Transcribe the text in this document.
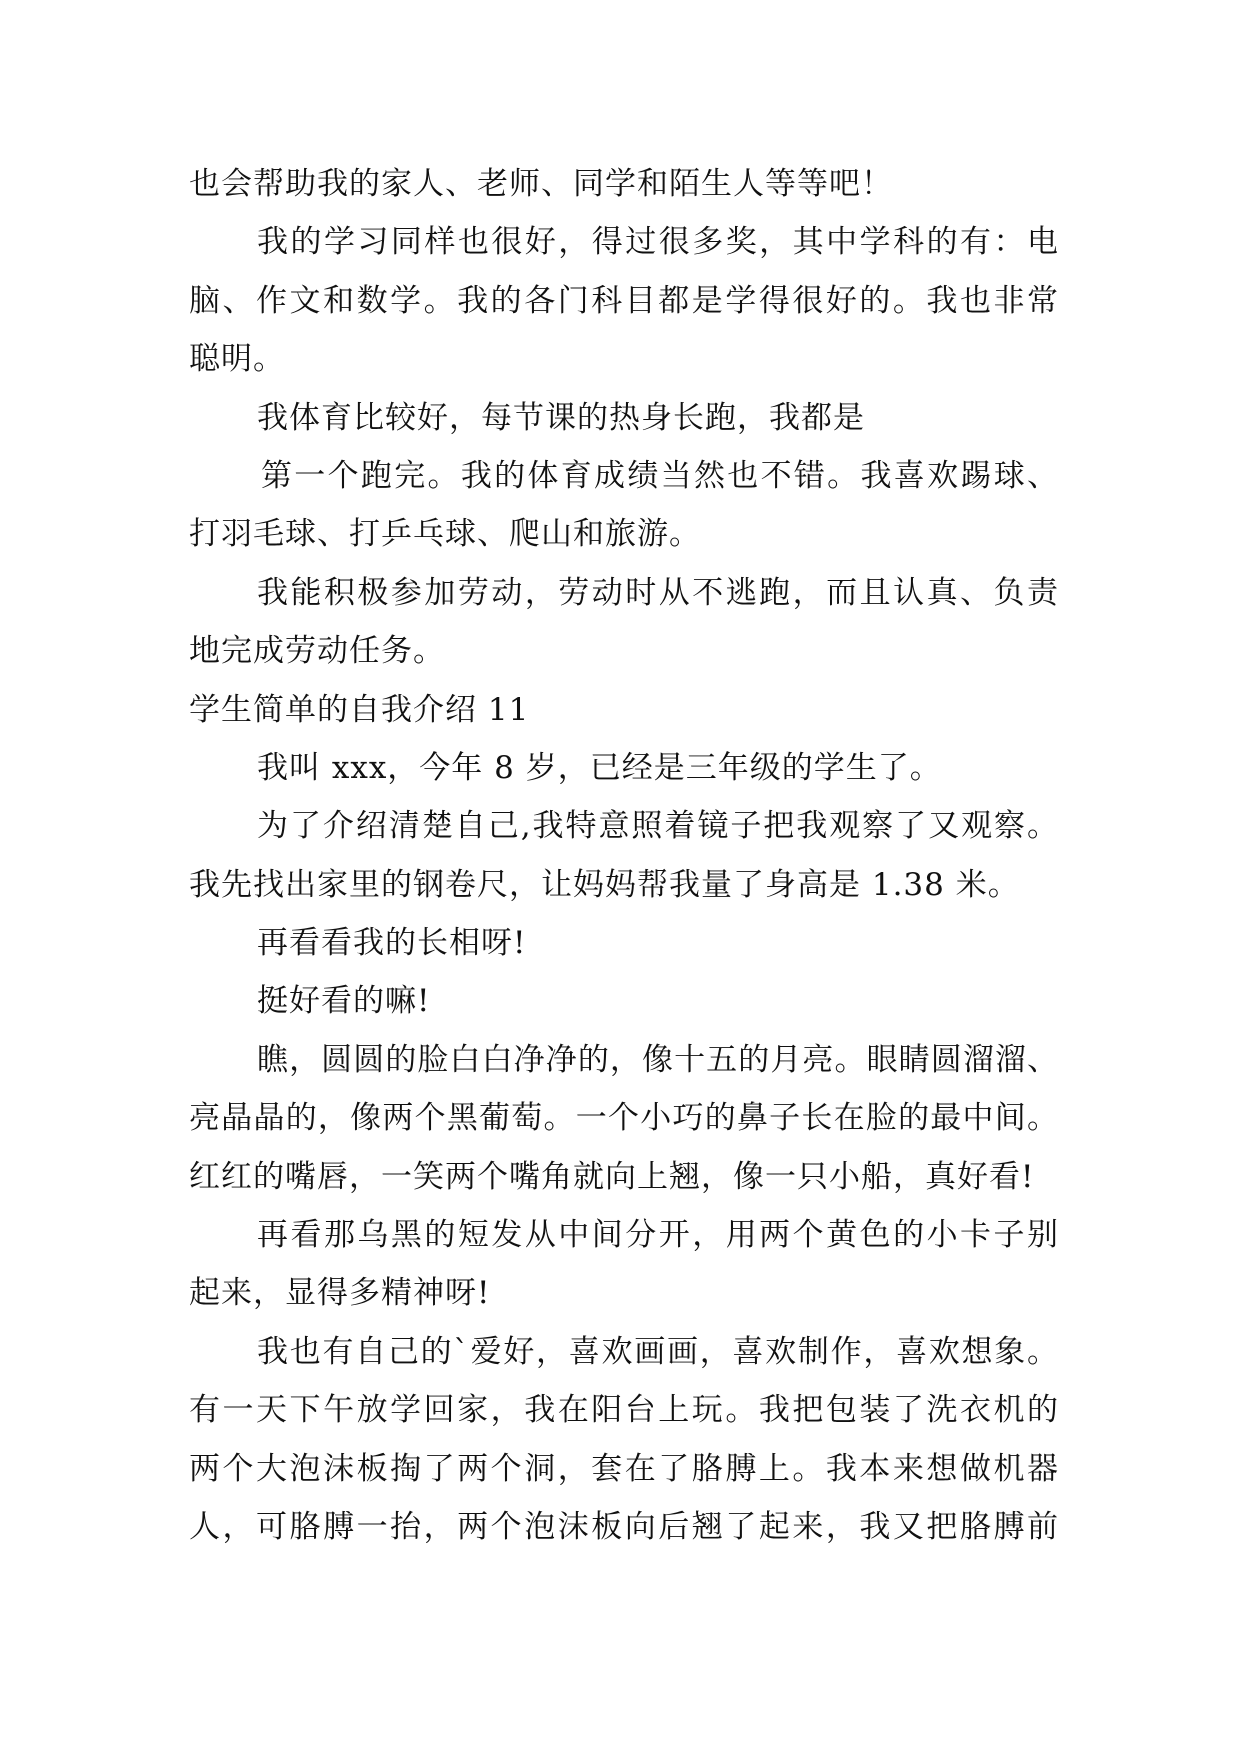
也会帮助我的家人、老师、同学和陌生人等等吧！
我的学习同样也很好，得过很多奖，其中学科的有：电
脑、作文和数学。我的各门科目都是学得很好的。我也非常
聪明。
我体育比较好，每节课的热身长跑，我都是
第一个跑完。我的体育成绩当然也不错。我喜欢踢球、
打羽毛球、打乒乓球、爬山和旅游。
我能积极参加劳动，劳动时从不逃跑，而且认真、负责
地完成劳动任务。
学生简单的自我介绍 11
我叫 xxx，今年 8 岁，已经是三年级的学生了。
为了介绍清楚自己,我特意照着镜子把我观察了又观察。
我先找出家里的钢卷尺，让妈妈帮我量了身高是 1.38 米。
再看看我的长相呀!
挺好看的嘛!
瞧，圆圆的脸白白净净的，像十五的月亮。眼睛圆溜溜、
亮晶晶的，像两个黑葡萄。一个小巧的鼻子长在脸的最中间。
红红的嘴唇，一笑两个嘴角就向上翘，像一只小船，真好看!
再看那乌黑的短发从中间分开，用两个黄色的小卡子别
起来，显得多精神呀!
我也有自己的`爱好，喜欢画画，喜欢制作，喜欢想象。
有一天下午放学回家，我在阳台上玩。我把包装了洗衣机的
两个大泡沫板掏了两个洞，套在了胳膊上。我本来想做机器
人，可胳膊一抬，两个泡沫板向后翘了起来，我又把胳膊前
